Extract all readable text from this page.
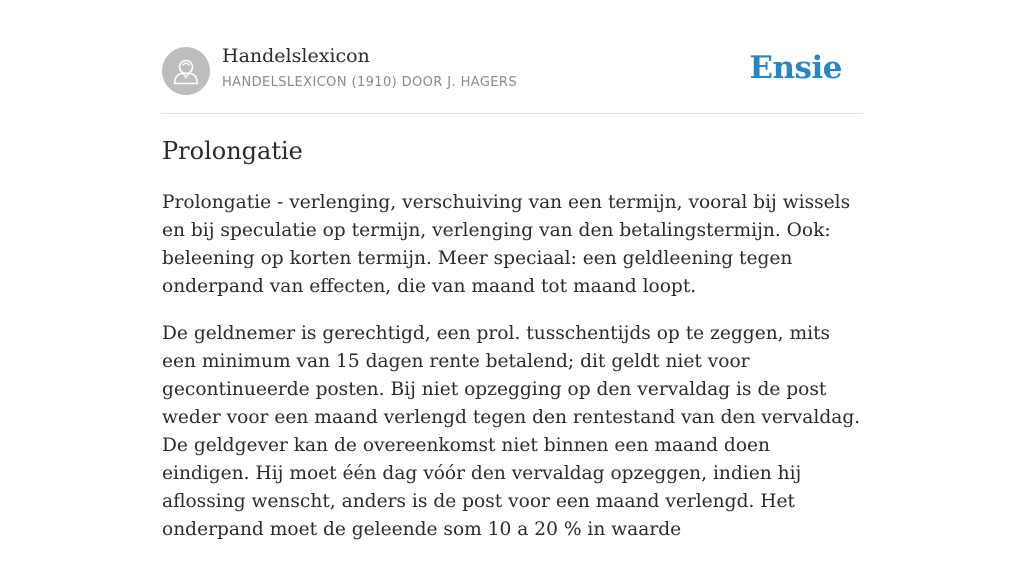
Handelslexicon
HANDELSLEXICON (1910) DOOR J. HAGERS	Ensie
Prolongatie

Prolongatie - verlenging, verschuiving van een termijn, vooral bij wissels en bij speculatie op termijn, verlenging van den betalingstermijn. Ook: beleening op korten termijn. Meer speciaal: een geldleening tegen onderpand van effecten, die van maand tot maand loopt.

De geldnemer is gerechtigd, een prol. tusschentijds op te zeggen, mits een minimum van 15 dagen rente betalend; dit geldt niet voor gecontinueerde posten. Bij niet opzegging op den vervaldag is de post weder voor een maand verlengd tegen den rentestand van den vervaldag. De geldgever kan de overeenkomst niet binnen een maand doen eindigen. Hij moet één dag vóór den vervaldag opzeggen, indien hij aflossing wenscht, anders is de post voor een maand verlengd. Het onderpand moet de geleende som 10 a 20 % in waarde
